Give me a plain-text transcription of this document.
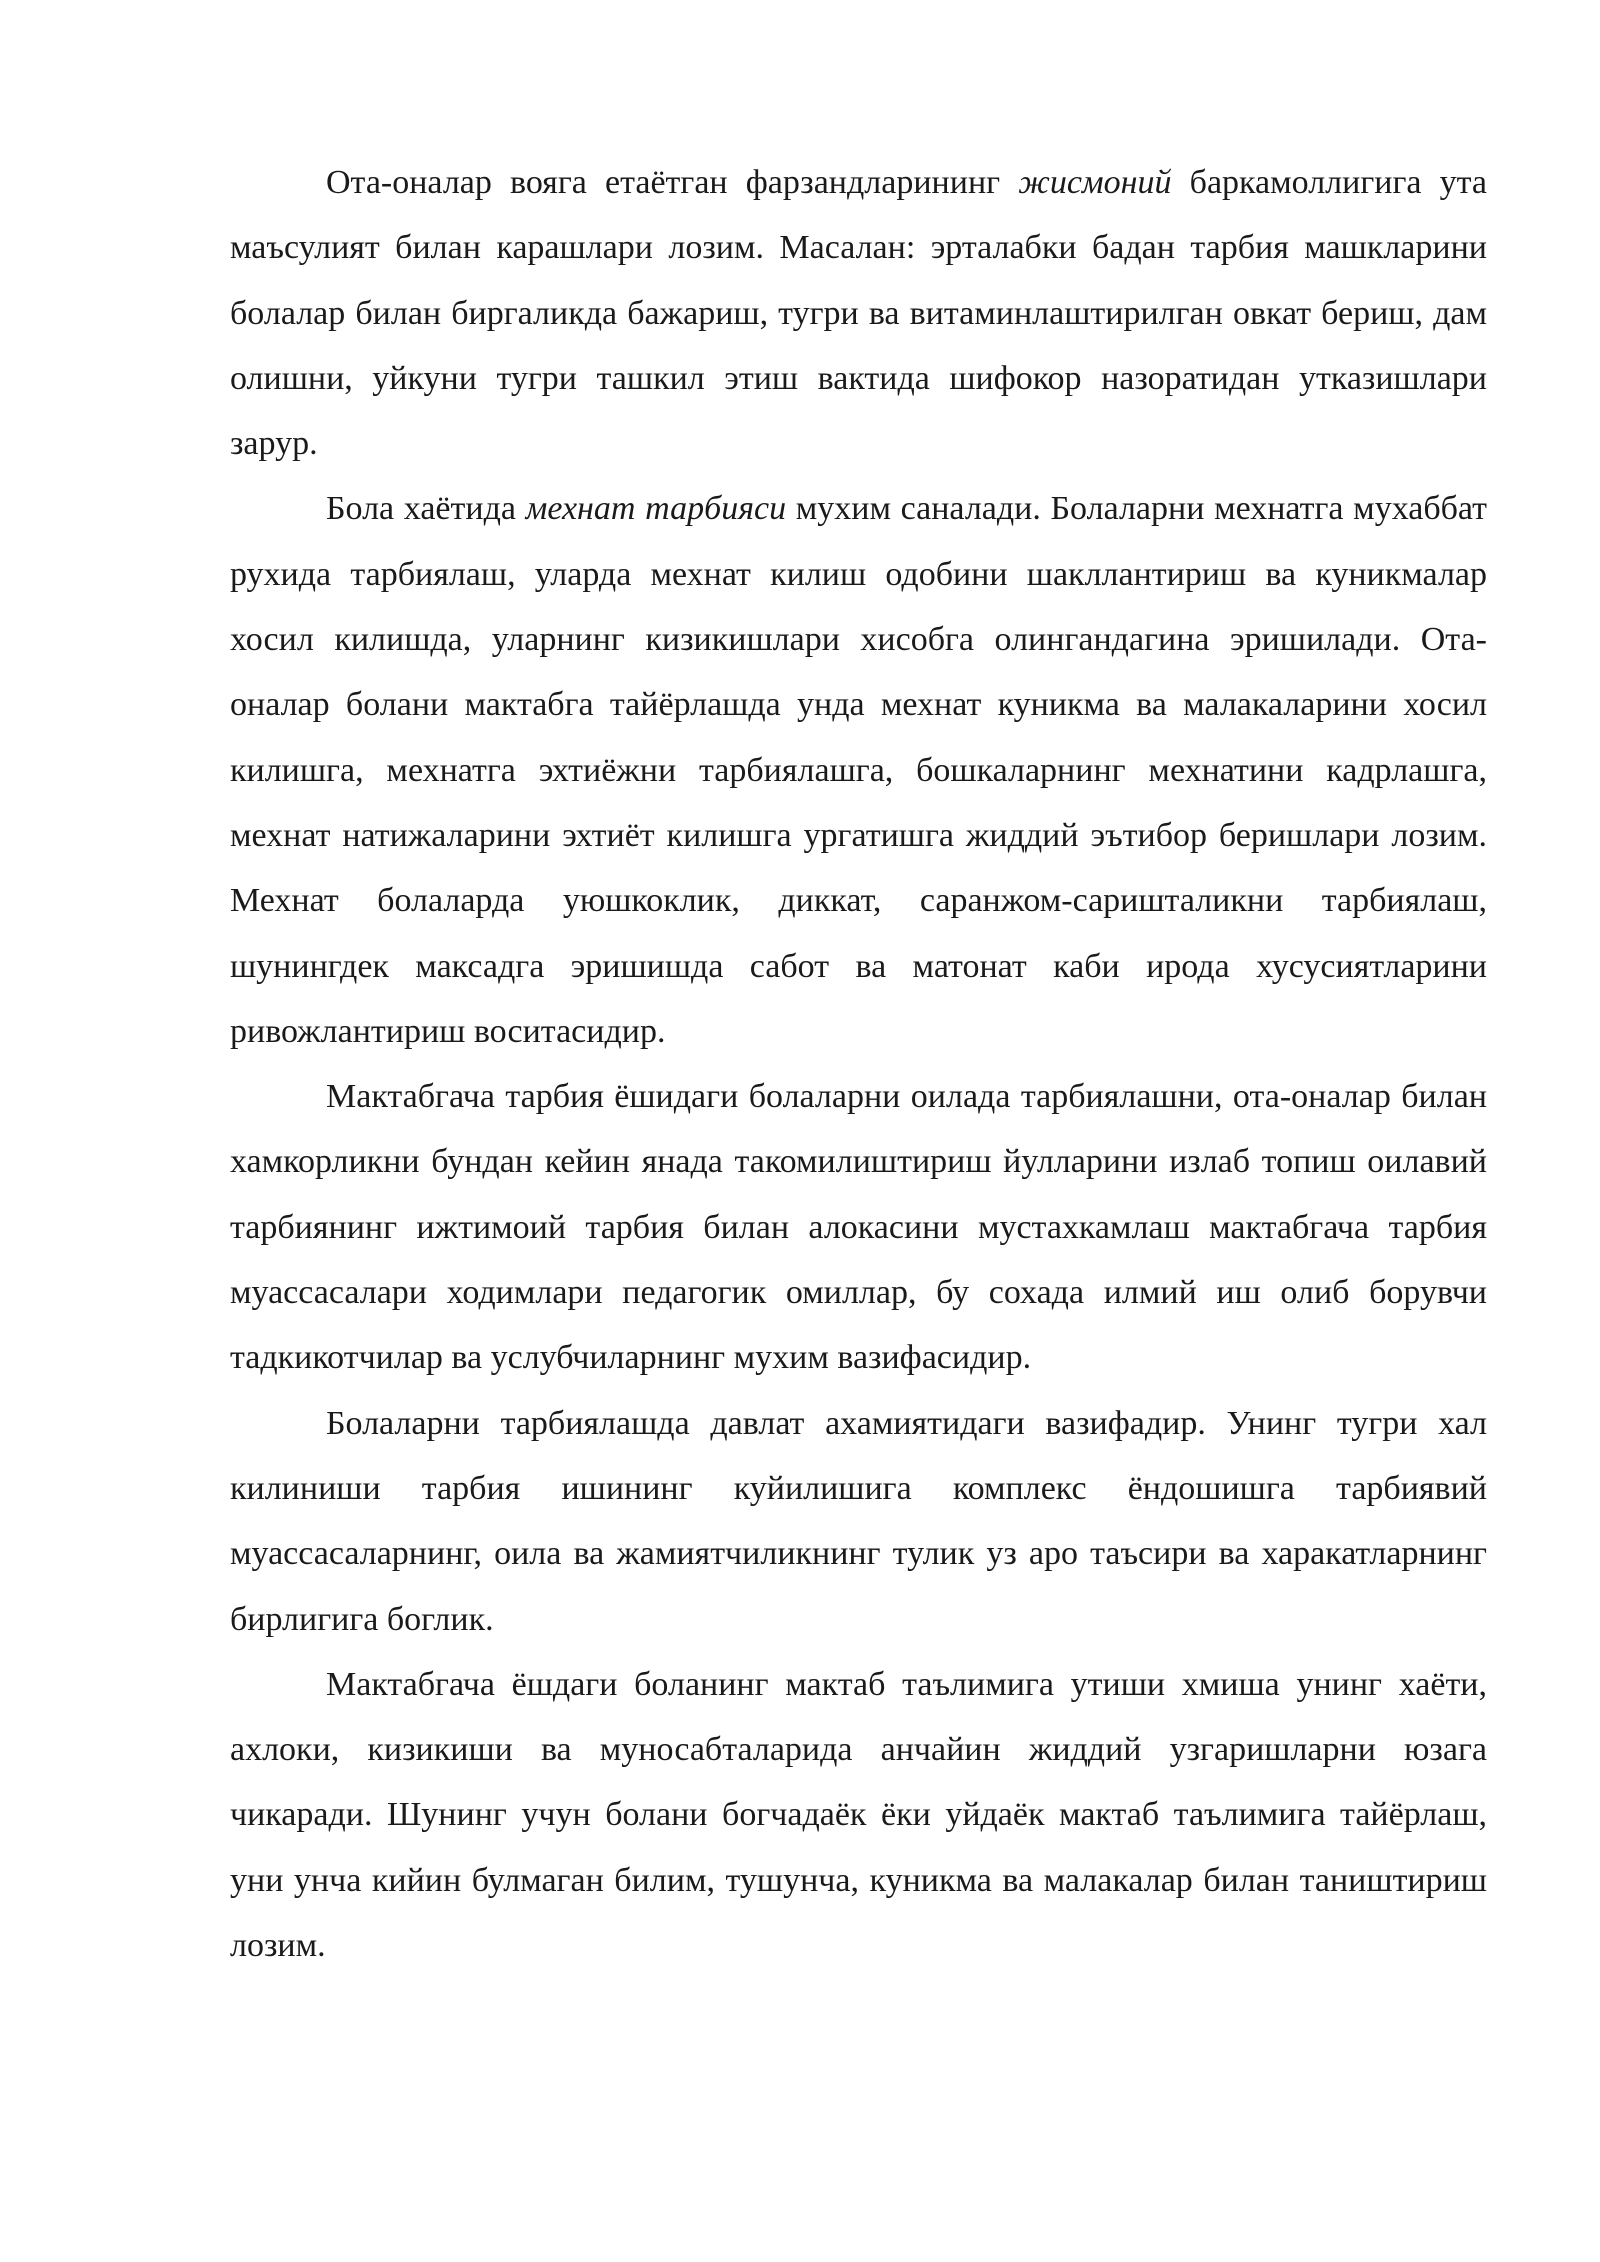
Ота-оналар вояга етаётган фарзандларининг жисмоний баркамоллигига ута маъсулият билан карашлари лозим. Масалан: эрталабки бадан тарбия машкларини болалар билан биргаликда бажариш, тугри ва витаминлаштирилган овкат бериш, дам олишни, уйкуни тугри ташкил этиш вактида шифокор назоратидан утказишлари зарур.

Бола хаётида мехнат тарбияси мухим саналади. Болаларни мехнатга мухаббат рухида тарбиялаш, уларда мехнат килиш одобини шакллантириш ва куникмалар хосил килишда, уларнинг кизикишлари хисобга олингандагина эришилади. Ота-оналар болани мактабга тайёрлашда унда мехнат куникма ва малакаларини хосил килишга, мехнатга эхтиёжни тарбиялашга, бошкаларнинг мехнатини кадрлашга, мехнат натижаларини эхтиёт килишга ургатишга жиддий эътибор беришлари лозим. Мехнат болаларда уюшкоклик, диккат, саранжом-саришталикни тарбиялаш, шунингдек максадга эришишда сабот ва матонат каби ирода хусусиятларини ривожлантириш воситасидир.

Мактабгача тарбия ёшидаги болаларни оилада тарбиялашни, ота-оналар билан хамкорликни бундан кейин янада такомилиштириш йулларини излаб топиш оилавий тарбиянинг ижтимоий тарбия билан алокасини мустахкамлаш мактабгача тарбия муассасалари ходимлари педагогик омиллар, бу сохада илмий иш олиб борувчи тадкикотчилар ва услубчиларнинг мухим вазифасидир.

Болаларни тарбиялашда давлат ахамиятидаги вазифадир. Унинг тугри хал килиниши тарбия ишининг куйилишига комплекс ёндошишга тарбиявий муассасаларнинг, оила ва жамиятчиликнинг тулик уз аро таъсири ва харакатларнинг бирлигига боглик.

Мактабгача ёшдаги боланинг мактаб таълимига утиши хмиша унинг хаёти, ахлоки, кизикиши ва муносабталарида анчайин жиддий узгаришларни юзага чикаради. Шунинг учун болани богчадаёк ёки уйдаёк мактаб таълимига тайёрлаш, уни унча кийин булмаган билим, тушунча, куникма ва малакалар билан таништириш лозим.
